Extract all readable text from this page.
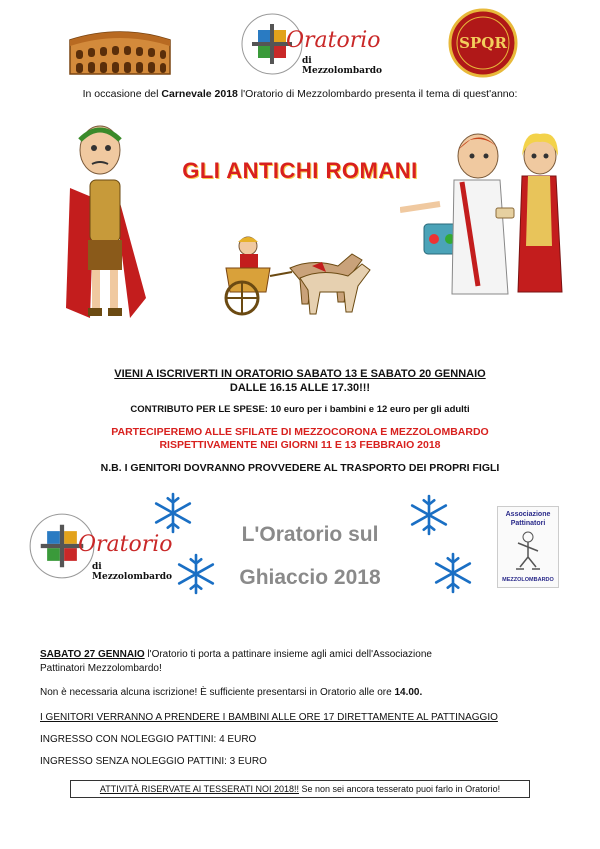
Oratorio
di Mezzolombardo
SPQR
In occasione del Carnevale 2018 l'Oratorio di Mezzolombardo presenta il tema di quest'anno:
GLI ANTICHI ROMANI
VIENI A ISCRIVERTI IN ORATORIO SABATO 13 E SABATO 20 GENNAIO
DALLE 16.15 ALLE 17.30!!!
CONTRIBUTO PER LE SPESE: 10 euro per i bambini e 12 euro per gli adulti
PARTECIPEREMO ALLE SFILATE DI MEZZOCORONA E MEZZOLOMBARDO
RISPETTIVAMENTE NEI GIORNI 11 E 13 FEBBRAIO 2018
N.B. I GENITORI DOVRANNO PROVVEDERE AL TRASPORTO DEI PROPRI FIGLI
Oratorio
di Mezzolombardo
L'Oratorio sul
Ghiaccio 2018
Associazione
Pattinatori
MEZZOLOMBARDO
SABATO 27 GENNAIO l'Oratorio ti porta a pattinare insieme agli amici dell'Associazione
Pattinatori Mezzolombardo!
Non è necessaria alcuna iscrizione! È sufficiente presentarsi in Oratorio alle ore 14.00.
I GENITORI VERRANNO A PRENDERE I BAMBINI ALLE ORE 17 DIRETTAMENTE AL PATTINAGGIO
INGRESSO CON NOLEGGIO PATTINI: 4 EURO
INGRESSO SENZA NOLEGGIO PATTINI: 3 EURO
ATTIVITÀ RISERVATE AI TESSERATI NOI 2018!! Se non sei ancora tesserato puoi farlo in Oratorio!
